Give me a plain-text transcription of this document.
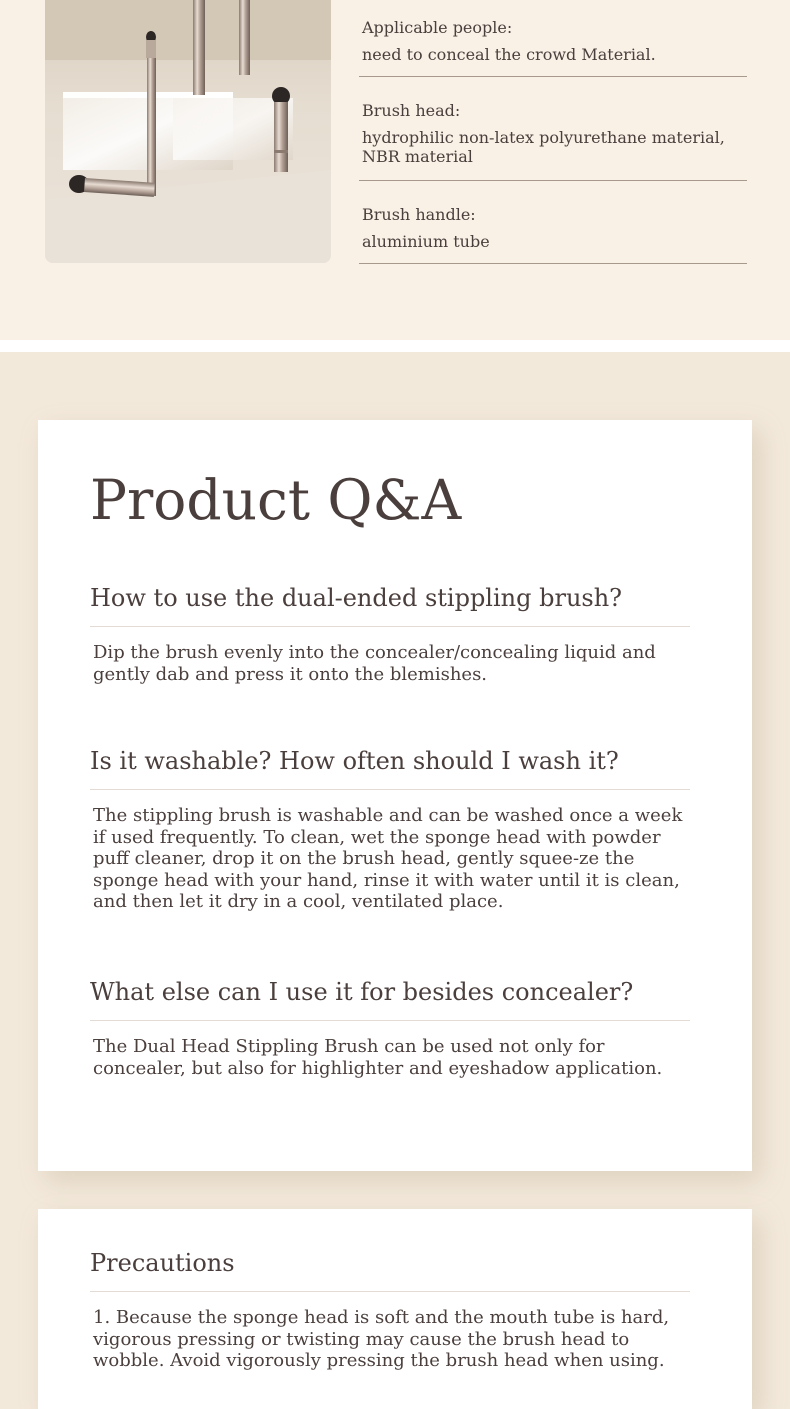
Applicable people:
need to conceal the crowd Material.
Brush head:
hydrophilic non-latex polyurethane material, NBR material
Brush handle:
aluminium tube
Product Q&A
How to use the dual-ended stippling brush?
Dip the brush evenly into the concealer/concealing liquid and gently dab and press it onto the blemishes.
Is it washable? How often should I wash it?
The stippling brush is washable and can be washed once a week if used frequently. To clean, wet the sponge head with powder puff cleaner, drop it on the brush head, gently squee-ze the sponge head with your hand, rinse it with water until it is clean, and then let it dry in a cool, ventilated place.
What else can I use it for besides concealer?
The Dual Head Stippling Brush can be used not only for concealer, but also for highlighter and eyeshadow application.
Precautions
1. Because the sponge head is soft and the mouth tube is hard, vigorous pressing or twisting may cause the brush head to wobble. Avoid vigorously pressing the brush head when using.
